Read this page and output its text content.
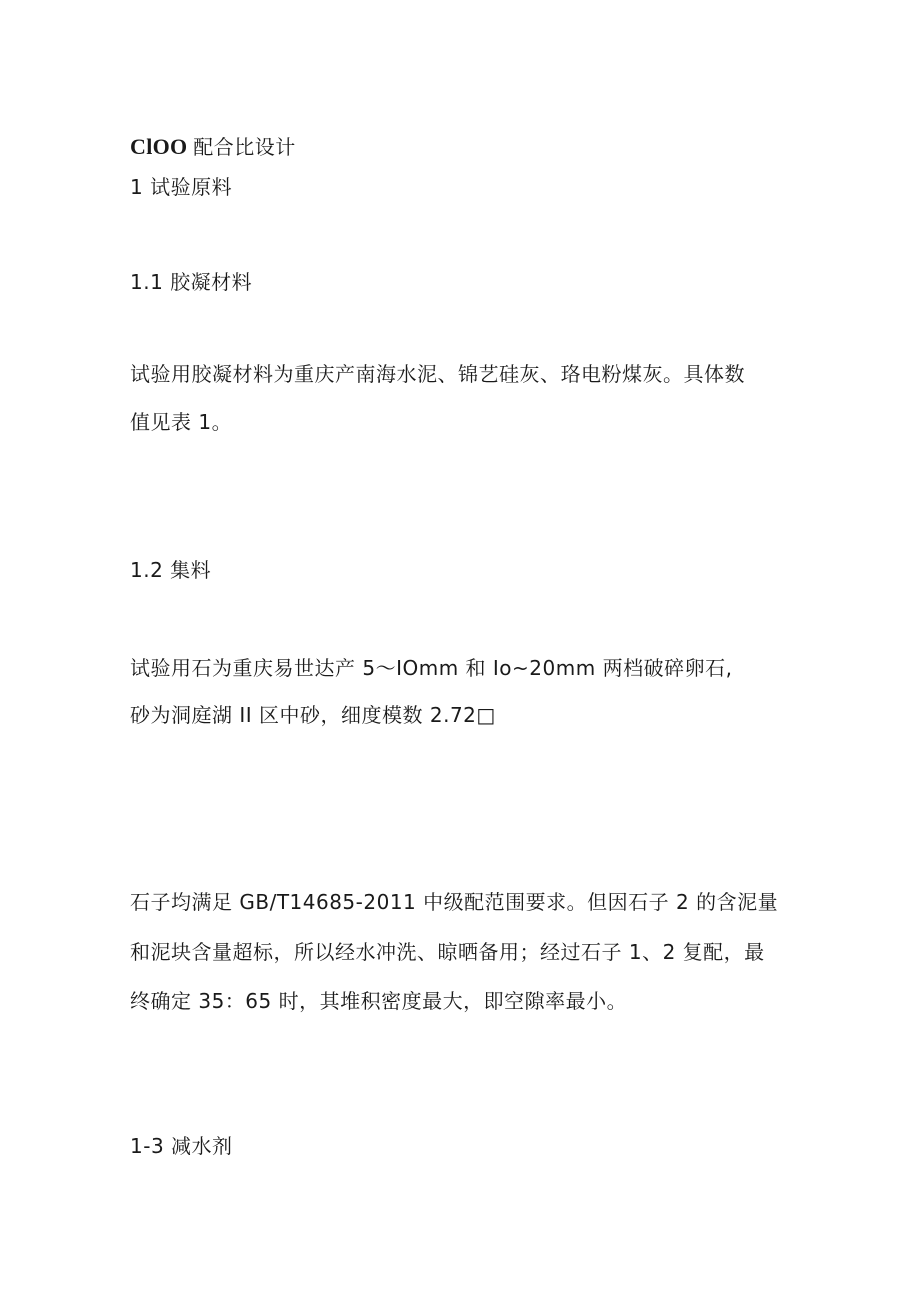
ClOO 配合比设计
1 试验原料
1.1 胶凝材料
试验用胶凝材料为重庆产南海水泥、锦艺硅灰、珞电粉煤灰。具体数
值见表 1。
1.2 集料
试验用石为重庆易世达产 5～IOmm 和 Io~20mm 两档破碎卵石,
砂为洞庭湖 II 区中砂，细度模数 2.72□
石子均满足 GB/T14685-2011 中级配范围要求。但因石子 2 的含泥量
和泥块含量超标，所以经水冲洗、晾晒备用；经过石子 1、2 复配，最
终确定 35：65 时，其堆积密度最大，即空隙率最小。
1-3 减水剂
